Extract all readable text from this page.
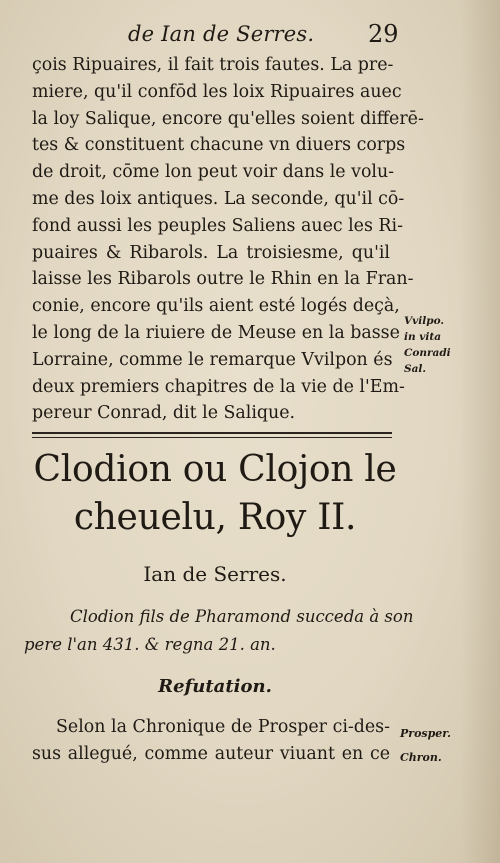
de Ian de Serres. 29
çois Ripuaires, il fait trois fautes. La pre-
miere, qu'il confōd les loix Ripuaires auec
la loy Salique, encore qu'elles soient differē-
tes & constituent chacune vn diuers corps
de droit, cōme lon peut voir dans le volu-
me des loix antiques. La seconde, qu'il cō-
fond aussi les peuples Saliens auec les Ri-
puaires & Ribarols. La troisiesme, qu'il
laisse les Ribarols outre le Rhin en la Fran-
conie, encore qu'ils aient esté logés deçà,
le long de la riuiere de Meuse en la basse
Lorraine, comme le remarque Vvilpon és
deux premiers chapitres de la vie de l'Em-
pereur Conrad, dit le Salique.
Vvilpo.
in vita
Conradi
Sal.
Clodion ou Clojon le
cheuelu, Roy II.
Ian de Serres.
Clodion fils de Pharamond succeda à son
pere l'an 431. & regna 21. an.
Refutation.
Selon la Chronique de Prosper ci-des-
sus allegué, comme auteur viuant en ce
Prosper.
Chron.
